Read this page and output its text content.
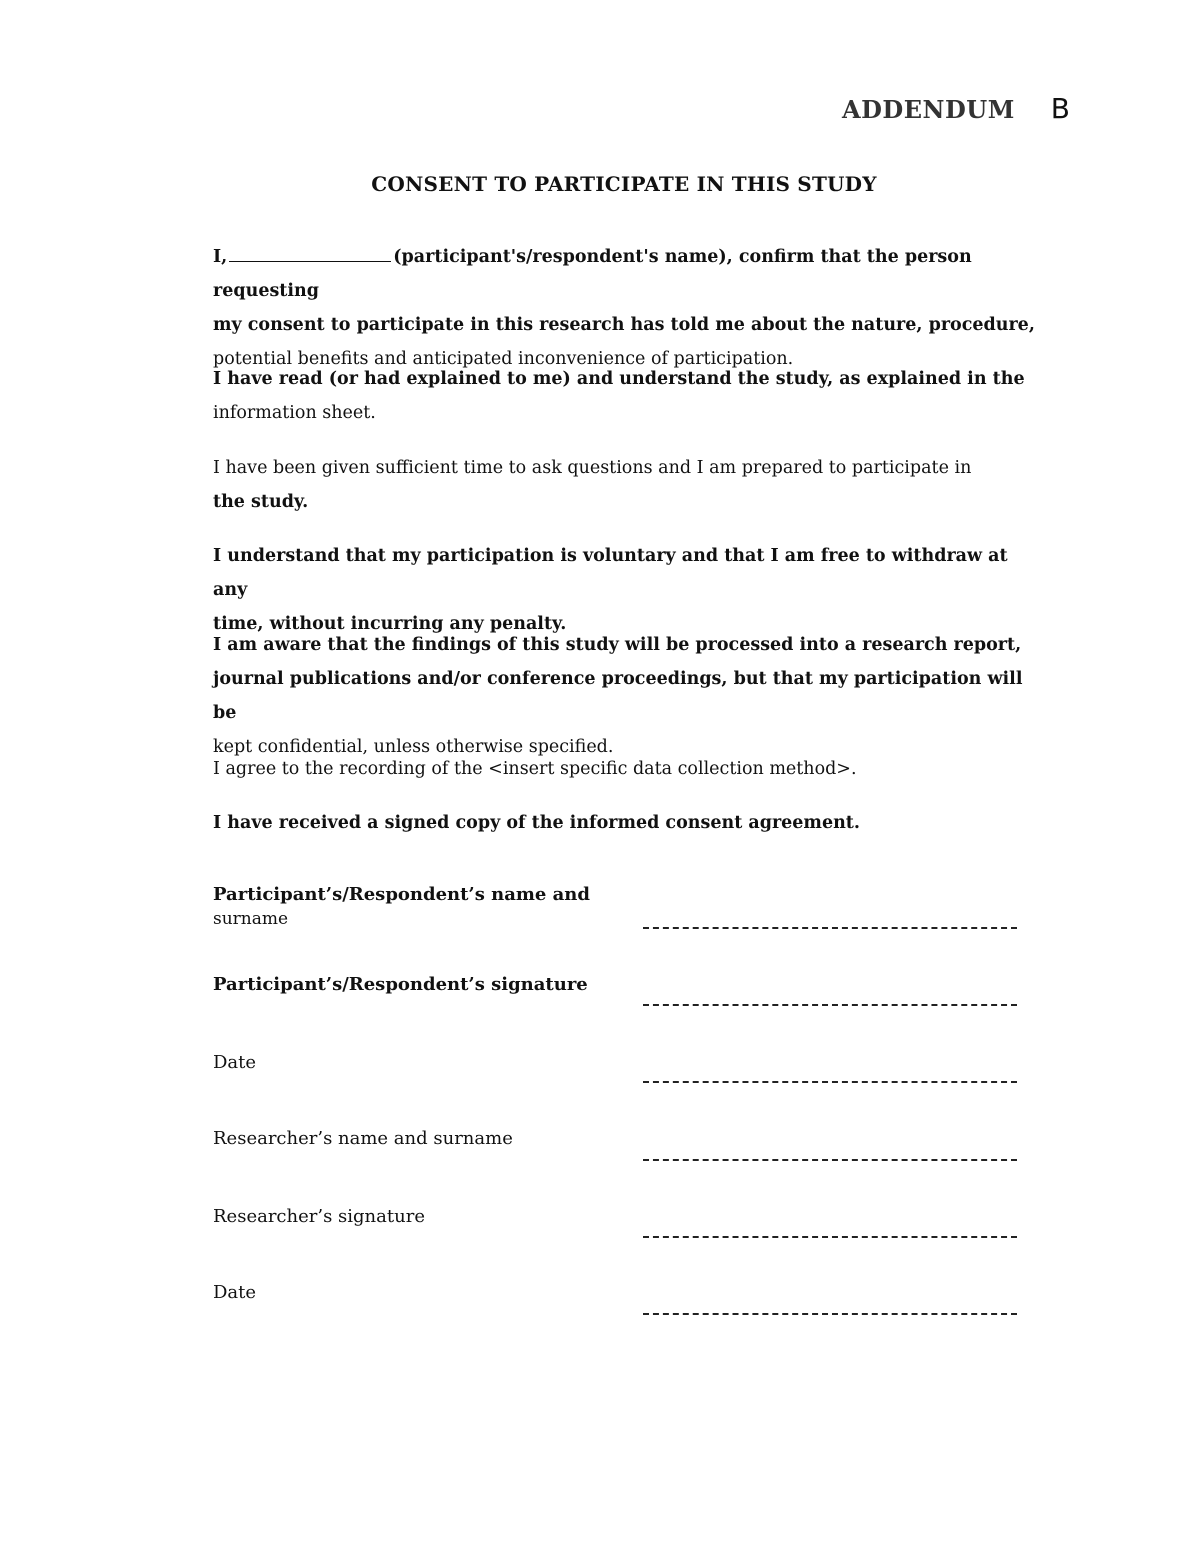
ADDENDUM B
CONSENT TO PARTICIPATE IN THIS STUDY
I,	(participant's/respondent's name), confirm that the person requesting
my consent to participate in this research has told me about the nature, procedure,
potential benefits and anticipated inconvenience of participation.
I have read (or had explained to me) and understand the study, as explained in the
information sheet.
I have been given sufficient time to ask questions and I am prepared to participate in
the study.
I understand that my participation is voluntary and that I am free to withdraw at any
time, without incurring any penalty.
I am aware that the findings of this study will be processed into a research report,
journal publications and/or conference proceedings, but that my participation will be
kept confidential, unless otherwise specified.
I agree to the recording of the <insert specific data collection method>.
I have received a signed copy of the informed consent agreement.
Participant’s/Respondent’s name and
surname
Participant’s/Respondent’s signature
Date
Researcher’s name and surname
Researcher’s signature
Date
